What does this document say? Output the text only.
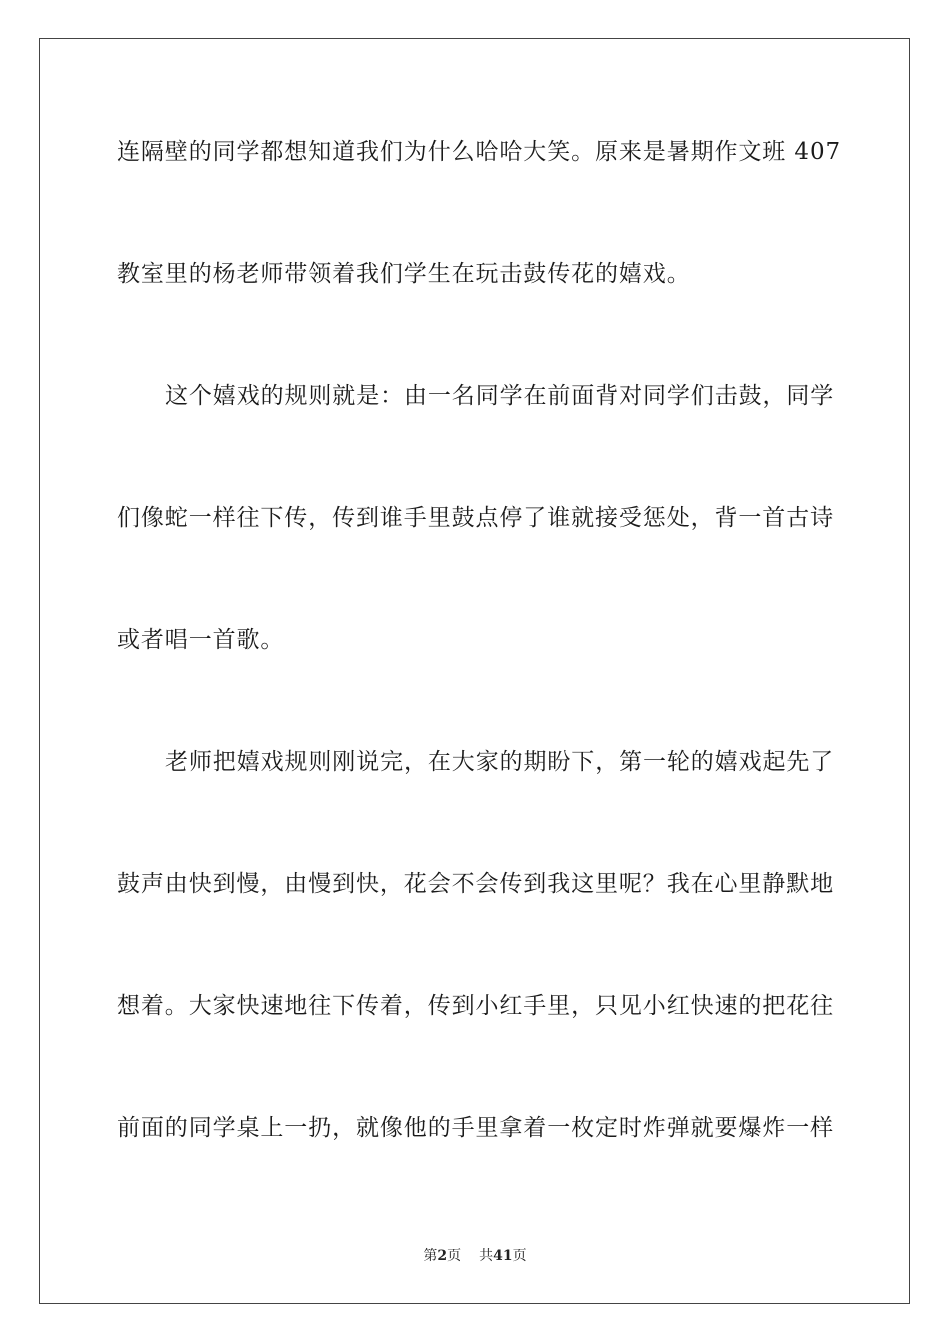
连隔壁的同学都想知道我们为什么哈哈大笑。原来是暑期作文班 407
教室里的杨老师带领着我们学生在玩击鼓传花的嬉戏。
这个嬉戏的规则就是：由一名同学在前面背对同学们击鼓，同学
们像蛇一样往下传，传到谁手里鼓点停了谁就接受惩处，背一首古诗
或者唱一首歌。
老师把嬉戏规则刚说完，在大家的期盼下，第一轮的嬉戏起先了
鼓声由快到慢，由慢到快，花会不会传到我这里呢？我在心里静默地
想着。大家快速地往下传着，传到小红手里，只见小红快速的把花往
前面的同学桌上一扔，就像他的手里拿着一枚定时炸弹就要爆炸一样
第2页 共41页
